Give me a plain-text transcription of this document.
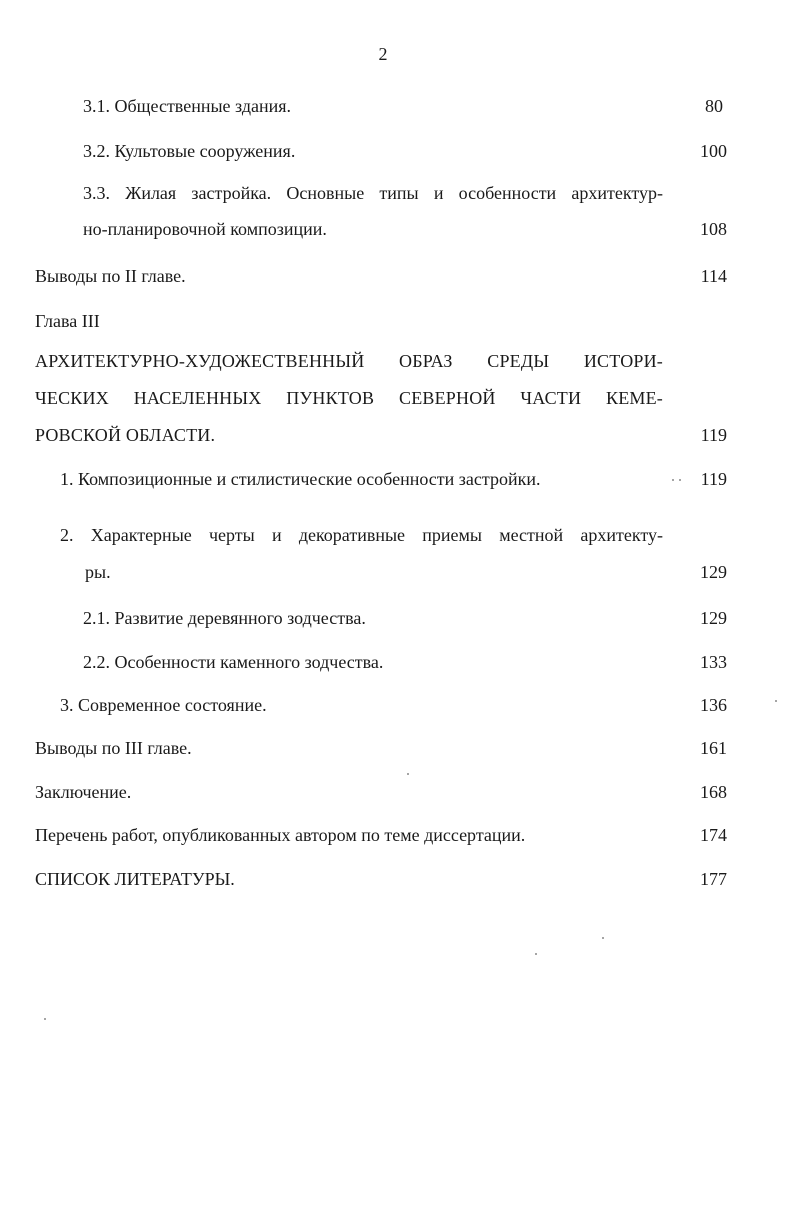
2
3.1. Общественные здания.	80
3.2. Культовые сооружения.	100
3.3. Жилая застройка. Основные типы и особенности архитектур-
но-планировочной композиции.	108
Выводы по II главе.	114
Глава III
АРХИТЕКТУРНО-ХУДОЖЕСТВЕННЫЙ ОБРАЗ СРЕДЫ ИСТОРИ-
ЧЕСКИХ НАСЕЛЕННЫХ ПУНКТОВ СЕВЕРНОЙ ЧАСТИ КЕМЕ-
РОВСКОЙ ОБЛАСТИ.	119
1. Композиционные и стилистические особенности застройки.	119
2. Характерные черты и декоративные приемы местной архитекту-
ры.	129
2.1. Развитие деревянного зодчества.	129
2.2. Особенности каменного зодчества.	133
3. Современное состояние.	136
Выводы по III главе.	161
Заключение.	168
Перечень работ, опубликованных автором по теме диссертации.	174
СПИСОК ЛИТЕРАТУРЫ.	177
